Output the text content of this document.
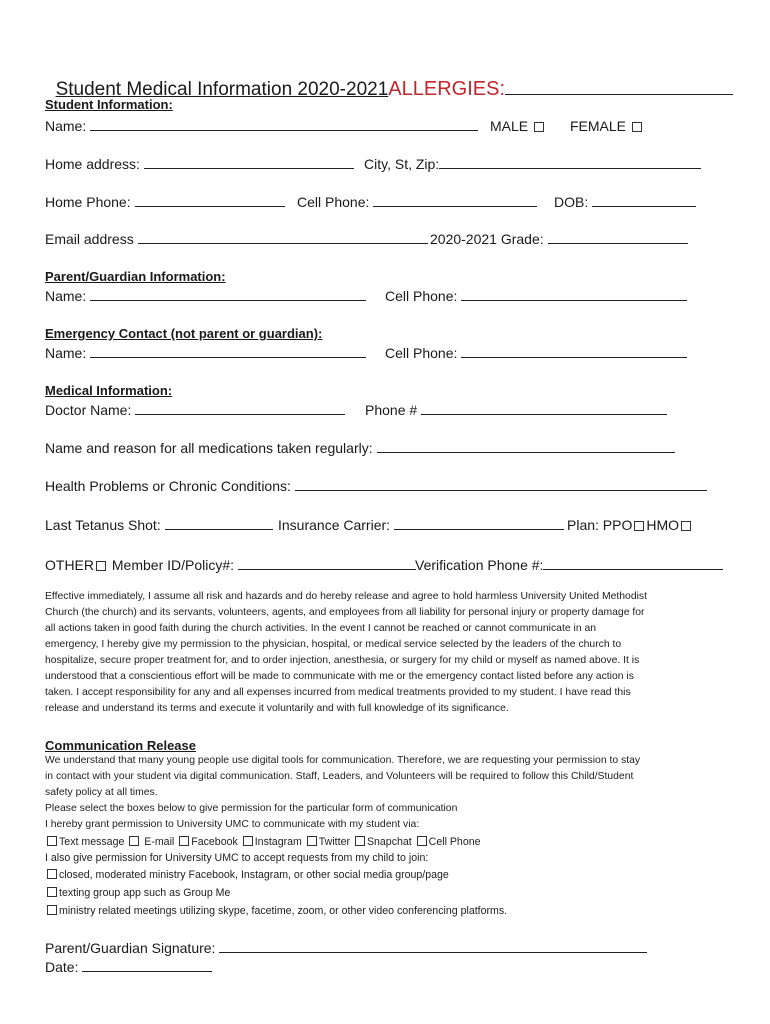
Student Medical Information 2020-2021ALLERGIES:

Student Information:
Name:	MALE	FEMALE
Home address:	City, St, Zip:
Home Phone:	Cell Phone:	DOB:
Email address	2020-2021 Grade:
Parent/Guardian Information:
Name:	Cell Phone:
Emergency Contact (not parent or guardian):
Name:	Cell Phone:
Medical Information:
Doctor Name:	Phone #
Name and reason for all medications taken regularly:
Health Problems or Chronic Conditions:
Last Tetanus Shot:	Insurance Carrier:	Plan: PPO HMO
OTHER Member ID/Policy#:	Verification Phone #:
Effective immediately, I assume all risk and hazards and do hereby release and agree to hold harmless University United Methodist
Church (the church) and its servants, volunteers, agents, and employees from all liability for personal injury or property damage for
all actions taken in good faith during the church activities. In the event I cannot be reached or cannot communicate in an
emergency, I hereby give my permission to the physician, hospital, or medical service selected by the leaders of the church to
hospitalize, secure proper treatment for, and to order injection, anesthesia, or surgery for my child or myself as named above. It is
understood that a conscientious effort will be made to communicate with me or the emergency contact listed before any action is
taken. I accept responsibility for any and all expenses incurred from medical treatments provided to my student. I have read this
release and understand its terms and execute it voluntarily and with full knowledge of its significance.
Communication Release
We understand that many young people use digital tools for communication. Therefore, we are requesting your permission to stay
in contact with your student via digital communication. Staff, Leaders, and Volunteers will be required to follow this Child/Student
safety policy at all times.
Please select the boxes below to give permission for the particular form of communication
I hereby grant permission to University UMC to communicate with my student via:
Text message E-mail Facebook Instagram Twitter Snapchat Cell Phone
I also give permission for University UMC to accept requests from my child to join:
closed, moderated ministry Facebook, Instagram, or other social media group/page
texting group app such as Group Me
ministry related meetings utilizing skype, facetime, zoom, or other video conferencing platforms.
Parent/Guardian Signature:
Date:
